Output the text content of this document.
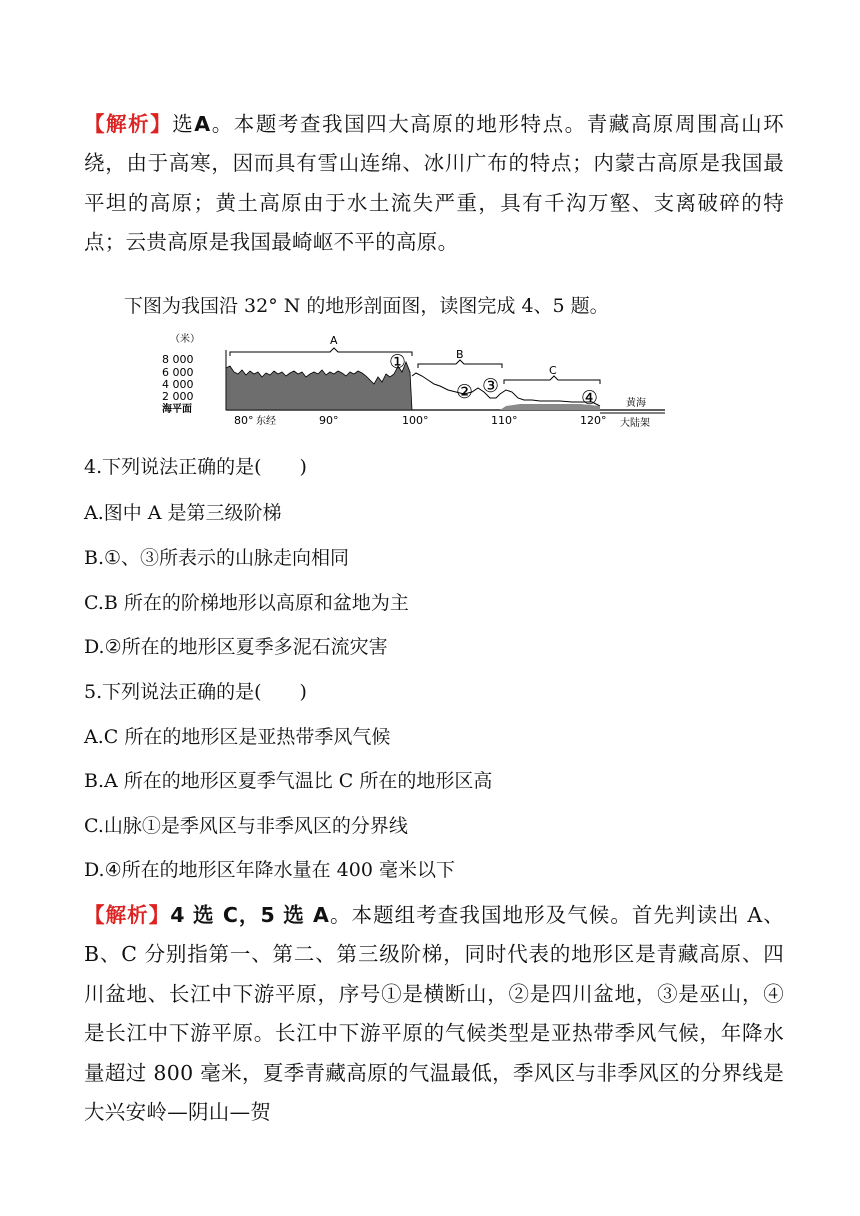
【解析】选A。本题考查我国四大高原的地形特点。青藏高原周围高山环绕，由于高寒，因而具有雪山连绵、冰川广布的特点；内蒙古高原是我国最平坦的高原；黄土高原由于水土流失严重，具有千沟万壑、支离破碎的特点；云贵高原是我国最崎岖不平的高原。

下图为我国沿 32° N 的地形剖面图，读图完成 4、5 题。

（米）
8 000
6 000
4 000
2 000
海平面
A
B
C
①
② ③
④	黄海
大陆架
80° 东经	90°	100°	110°	120°

4.下列说法正确的是(　　)

A.图中 A 是第三级阶梯

B.①、③所表示的山脉走向相同

C.B 所在的阶梯地形以高原和盆地为主

D.②所在的地形区夏季多泥石流灾害

5.下列说法正确的是(　　)

A.C 所在的地形区是亚热带季风气候

B.A 所在的地形区夏季气温比 C 所在的地形区高

C.山脉①是季风区与非季风区的分界线

D.④所在的地形区年降水量在 400 毫米以下

【解析】4 选 C，5 选 A。本题组考查我国地形及气候。首先判读出 A、B、C 分别指第一、第二、第三级阶梯，同时代表的地形区是青藏高原、四川盆地、长江中下游平原，序号①是横断山，②是四川盆地，③是巫山，④是长江中下游平原。长江中下游平原的气候类型是亚热带季风气候，年降水量超过 800 毫米，夏季青藏高原的气温最低，季风区与非季风区的分界线是大兴安岭—阴山—贺
